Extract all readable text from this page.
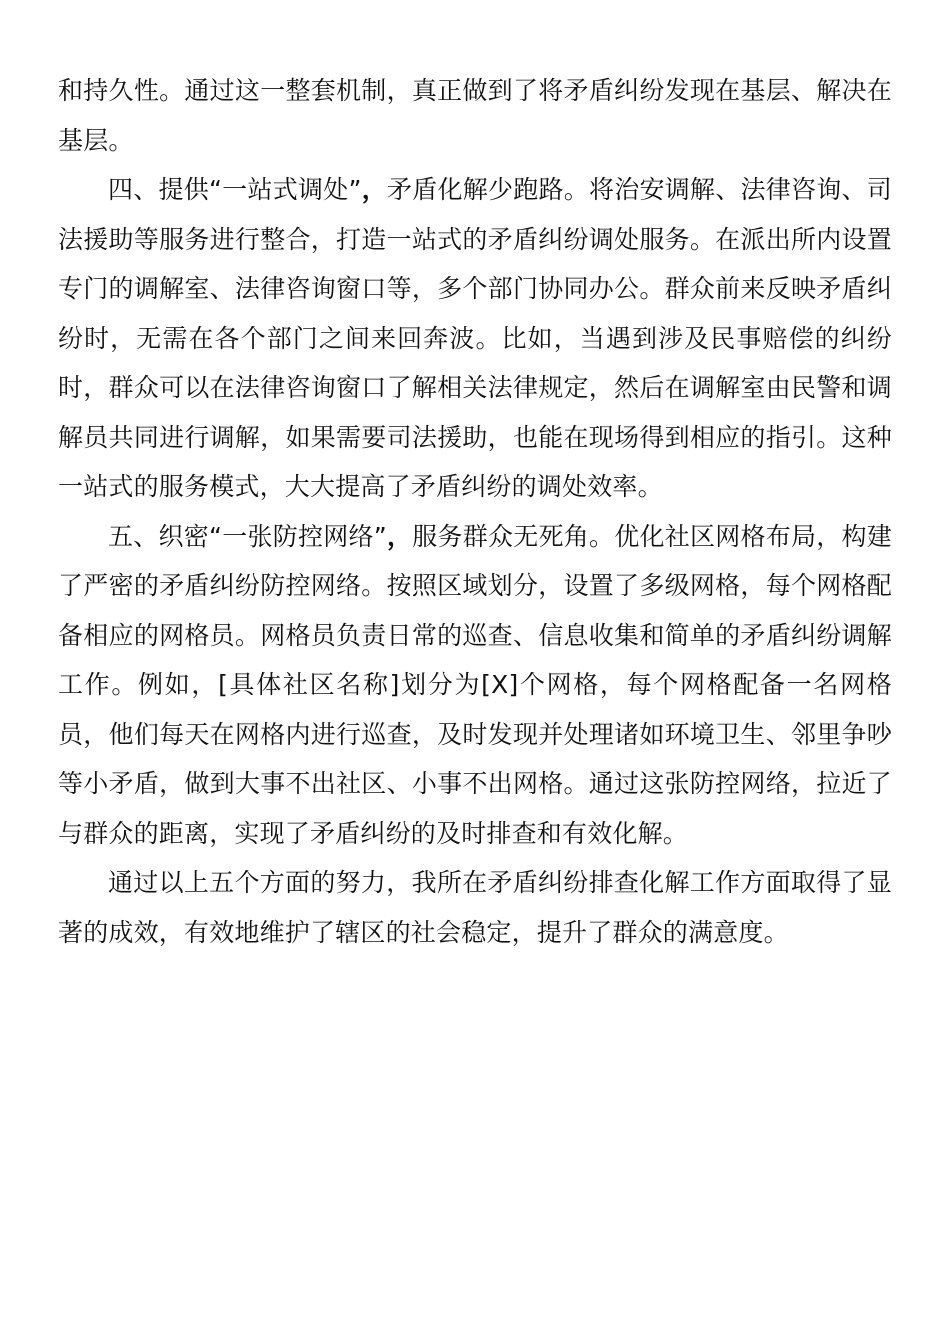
和持久性。通过这一整套机制，真正做到了将矛盾纠纷发现在基层、解决在基层。

四、提供“一站式调处”，矛盾化解少跑路。将治安调解、法律咨询、司法援助等服务进行整合，打造一站式的矛盾纠纷调处服务。在派出所内设置专门的调解室、法律咨询窗口等，多个部门协同办公。群众前来反映矛盾纠纷时，无需在各个部门之间来回奔波。比如，当遇到涉及民事赔偿的纠纷时，群众可以在法律咨询窗口了解相关法律规定，然后在调解室由民警和调解员共同进行调解，如果需要司法援助，也能在现场得到相应的指引。这种一站式的服务模式，大大提高了矛盾纠纷的调处效率。

五、织密“一张防控网络”，服务群众无死角。优化社区网格布局，构建了严密的矛盾纠纷防控网络。按照区域划分，设置了多级网格，每个网格配备相应的网格员。网格员负责日常的巡查、信息收集和简单的矛盾纠纷调解工作。例如，[具体社区名称]划分为[X]个网格，每个网格配备一名网格员，他们每天在网格内进行巡查，及时发现并处理诸如环境卫生、邻里争吵等小矛盾，做到大事不出社区、小事不出网格。通过这张防控网络，拉近了与群众的距离，实现了矛盾纠纷的及时排查和有效化解。

通过以上五个方面的努力，我所在矛盾纠纷排查化解工作方面取得了显著的成效，有效地维护了辖区的社会稳定，提升了群众的满意度。
